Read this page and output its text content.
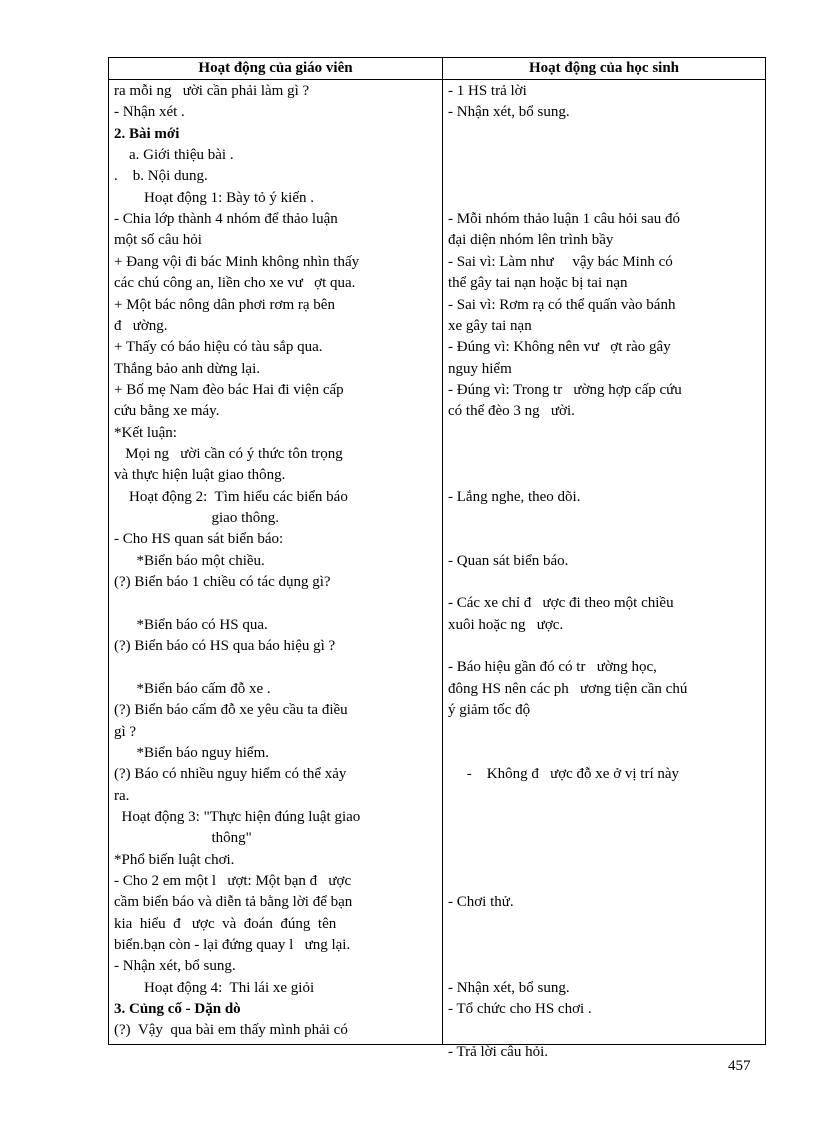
Hoạt động của giáo viên	Hoạt động của học sinh
ra mỗi ng   ười cần phải làm gì ?
- Nhận xét .
2. Bài mới
a. Giới thiệu bài .
.    b. Nội dung.
Hoạt động 1: Bày tỏ ý kiến .
- Chia lớp thành 4 nhóm để thảo luận
một số câu hỏi
+ Đang vội đi bác Minh không nhìn thấy
các chú công an, liền cho xe vư   ợt qua.
+ Một bác nông dân phơi rơm rạ bên
đ   ường.
+ Thấy có báo hiệu có tàu sắp qua.
Thắng bảo anh dừng lại.
+ Bố mẹ Nam đèo bác Hai đi viện cấp
cứu bằng xe máy.
*Kết luận:
Mọi ng   ười cần có ý thức tôn trọng
và thực hiện luật giao thông.
Hoạt động 2:  Tìm hiểu các biển báo
giao thông.
- Cho HS quan sát biển báo:
*Biển báo một chiều.
(?) Biển báo 1 chiều có tác dụng gì?
*Biển báo có HS qua.
(?) Biển báo có HS qua báo hiệu gì ?
*Biển báo cấm đỗ xe .
(?) Biển báo cấm đỗ xe yêu cầu ta điều
gì ?
*Biển báo nguy hiểm.
(?) Báo có nhiều nguy hiểm có thể xảy
ra.
Hoạt động 3: "Thực hiện đúng luật giao
thông"
*Phổ biến luật chơi.
- Cho 2 em một l   ượt: Một bạn đ   ược
cầm biển báo và diễn tả bằng lời để bạn
kia  hiểu  đ   ược  và  đoán  đúng  tên
biển.bạn còn - lại đứng quay l   ưng lại.
- Nhận xét, bổ sung.
Hoạt động 4:  Thi lái xe giỏi
3. Củng cố - Dặn dò
(?)  Vậy  qua bài em thấy mình phải có
- 1 HS trả lời
- Nhận xét, bổ sung.
- Mỗi nhóm thảo luận 1 câu hỏi sau đó
đại diện nhóm lên trình bầy
- Sai vì: Làm như     vậy bác Minh có
thể gây tai nạn hoặc bị tai nạn
- Sai vì: Rơm rạ có thể quấn vào bánh
xe gây tai nạn
- Đúng vì: Không nên vư   ợt rào gây
nguy hiểm
- Đúng vì: Trong tr   ường hợp cấp cứu
có thể đèo 3 ng   ười.
- Lắng nghe, theo dõi.
- Quan sát biển báo.
- Các xe chỉ đ   ược đi theo một chiều
xuôi hoặc ng   ược.
- Báo hiệu gần đó có tr   ường học,
đông HS nên các ph   ương tiện cần chú
ý giảm tốc độ
-    Không đ   ược đỗ xe ở vị trí này
- Chơi thử.
- Nhận xét, bổ sung.
- Tổ chức cho HS chơi .
- Trả lời câu hỏi.
457
